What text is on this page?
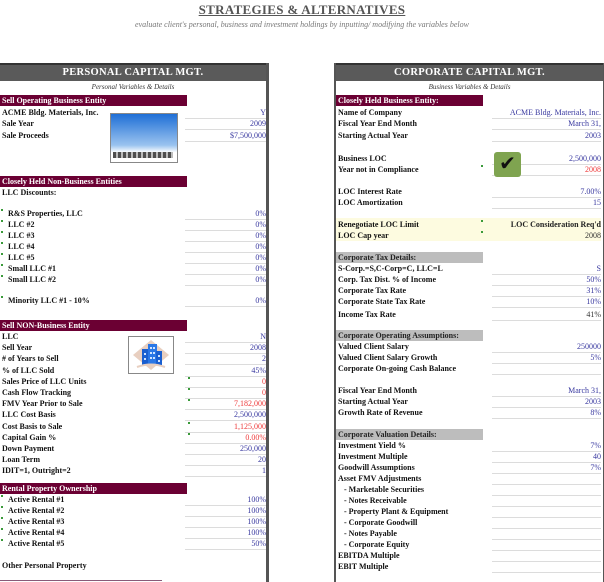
STRATEGIES & ALTERNATIVES
evaluate client's personal, business and investment holdings by inputting/ modifying the variables below
PERSONAL CAPITAL MGT.
Personal Variables & Details
CORPORATE CAPITAL MGT.
Business Variables & Details
Sell Operating Business Entity
ACME Bldg. Materials, Inc.	Y
Sale Year	2009
Sale Proceeds	$7,500,000
Closely Held Non-Business Entities
LLC Discounts:
R&S Properties, LLC	0%
LLC #2	0%
LLC #3	0%
LLC #4	0%
LLC #5	0%
Small LLC #1	0%
Small LLC #2	0%
Minority LLC #1 - 10%	0%
Sell NON-Business Entity
LLC	N
Sell Year	2008
# of Years to Sell	2
% of LLC Sold	45%
Sales Price of LLC Units	0
Cash Flow Tracking	0
FMV Year Prior to Sale	7,182,000
LLC Cost Basis	2,500,000
Cost Basis to Sale	1,125,000
Capital Gain %	0.00%
Down Payment	250,000
Loan Term	20
IDIT=1, Outright=2	1
Rental Property Ownership
Active Rental #1	100%
Active Rental #2	100%
Active Rental #3	100%
Active Rental #4	100%
Active Rental #5	50%
Other Personal Property
Closely Held Business Entity:
Name of Company	ACME Bldg. Materials, Inc.
Fiscal Year End Month	March 31,
Starting Actual Year	2003
Business LOC	2,500,000
Year not in Compliance	2008
LOC Interest Rate	7.00%
LOC Amortization	15
Renegotiate LOC Limit	LOC Consideration Req'd
LOC Cap year	2008
Corporate Tax Details:
S-Corp.=S,C-Corp=C, LLC=L	S
Corp. Tax Dist. % of Income	50%
Corporate Tax Rate	31%
Corporate State Tax Rate	10%
Income Tax Rate	41%
Corporate Operating Assumptions:
Valued Client Salary	250000
Valued Client Salary Growth	5%
Corporate On-going Cash Balance
Fiscal Year End Month	March 31,
Starting Actual Year	2003
Growth Rate of Revenue	8%
Corporate Valuation Details:
Investment Yield %	7%
Investment Multiple	40
Goodwill Assumptions	7%
Asset FMV Adjustments
- Marketable Securities
- Notes Receivable
- Property Plant & Equipment
- Corporate Goodwill
- Notes Payable
- Corporate Equity
EBITDA Multiple
EBIT Multiple
✔
